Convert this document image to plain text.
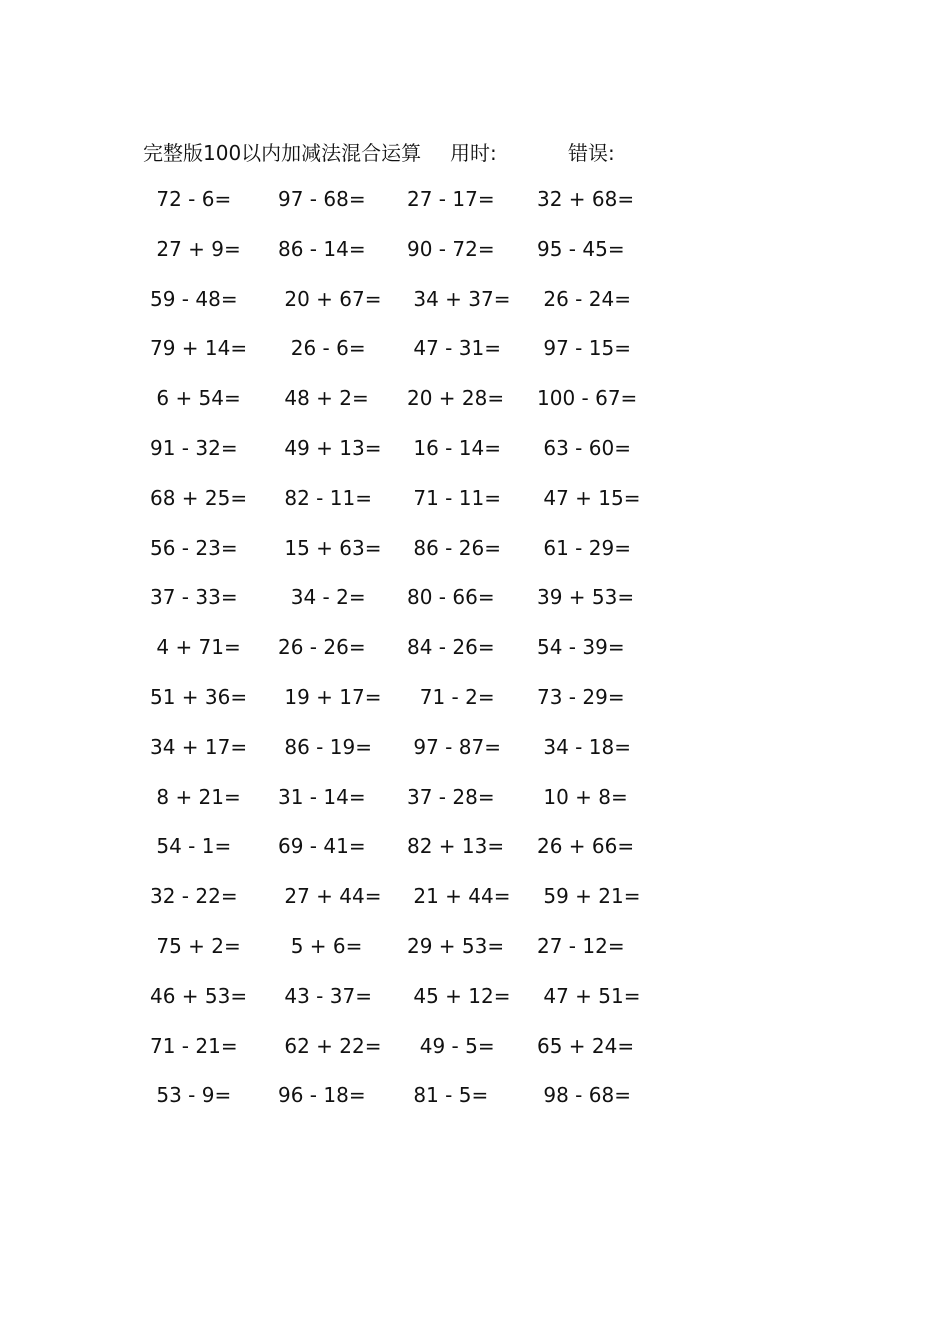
完整版100以内加减法混合运算

用时:

	错误:

72 - 6= 97 - 68= 27 - 17= 32 + 68=
27 + 9= 86 - 14= 90 - 72= 95 - 45=
59 - 48= 20 + 67= 34 + 37= 26 - 24=
79 + 14= 26 - 6= 47 - 31= 97 - 15=
6 + 54= 48 + 2= 20 + 28= 100 - 67=
91 - 32= 49 + 13= 16 - 14= 63 - 60=
68 + 25= 82 - 11= 71 - 11= 47 + 15=
56 - 23= 15 + 63= 86 - 26= 61 - 29=
37 - 33= 34 - 2= 80 - 66= 39 + 53=
4 + 71= 26 - 26= 84 - 26= 54 - 39=
51 + 36= 19 + 17= 71 - 2= 73 - 29=
34 + 17= 86 - 19= 97 - 87= 34 - 18=
8 + 21= 31 - 14= 37 - 28= 10 + 8=
54 - 1= 69 - 41= 82 + 13= 26 + 66=
32 - 22= 27 + 44= 21 + 44= 59 + 21=
75 + 2= 5 + 6= 29 + 53= 27 - 12=
46 + 53= 43 - 37= 45 + 12= 47 + 51=
71 - 21= 62 + 22= 49 - 5= 65 + 24=
53 - 9= 96 - 18= 81 - 5= 98 - 68=
